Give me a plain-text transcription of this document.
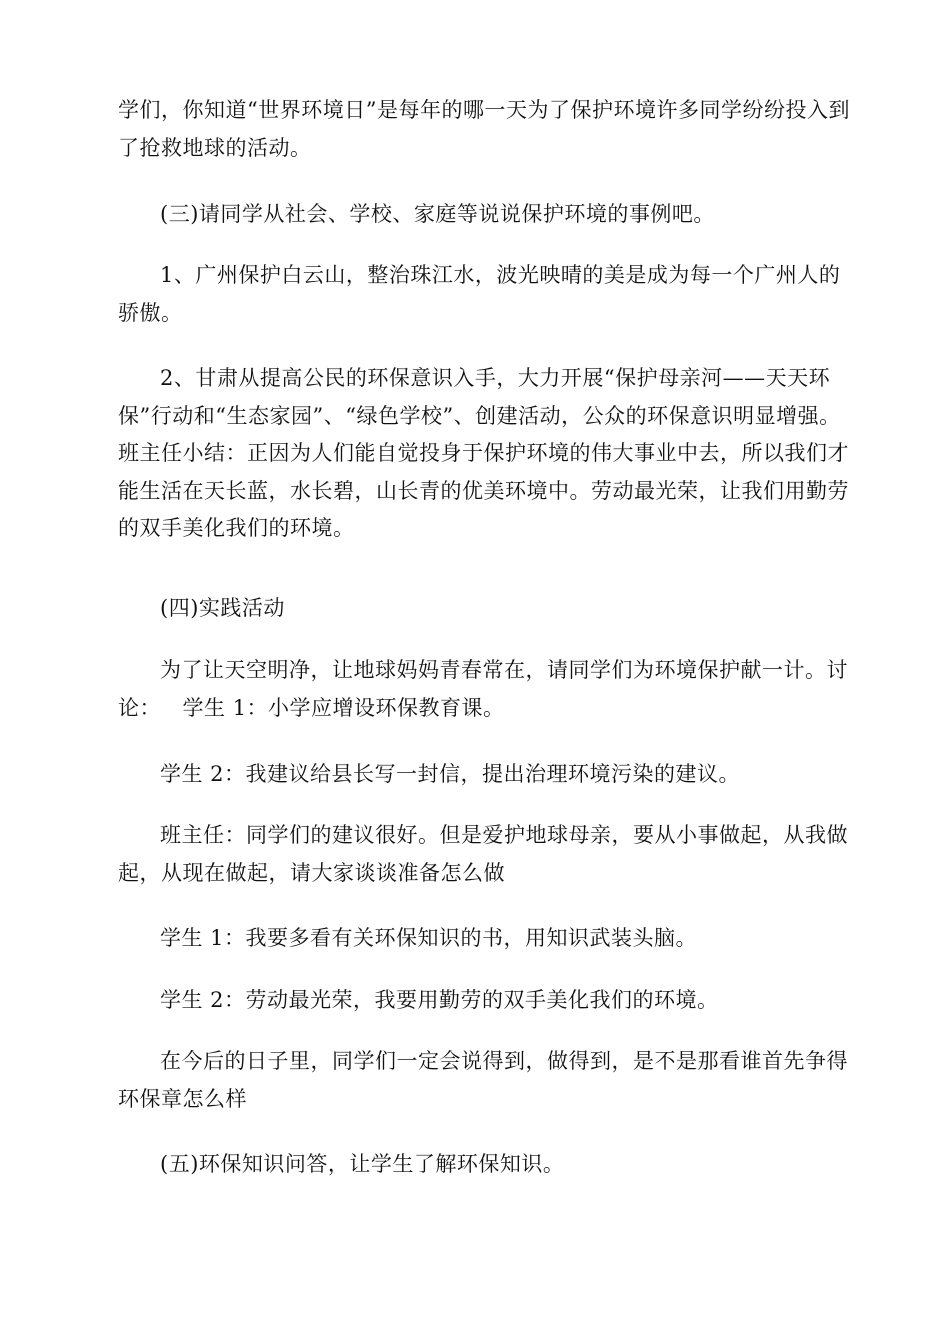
学们，你知道“世界环境日”是每年的哪一天为了保护环境许多同学纷纷投入到了抢救地球的活动。

(三)请同学从社会、学校、家庭等说说保护环境的事例吧。

1、广州保护白云山，整治珠江水，波光映晴的美是成为每一个广州人的骄傲。

2、甘肃从提高公民的环保意识入手，大力开展“保护母亲河——天天环保”行动和“生态家园”、“绿色学校”、创建活动，公众的环保意识明显增强。班主任小结：正因为人们能自觉投身于保护环境的伟大事业中去，所以我们才能生活在天长蓝，水长碧，山长青的优美环境中。劳动最光荣，让我们用勤劳的双手美化我们的环境。

(四)实践活动

为了让天空明净，让地球妈妈青春常在，请同学们为环境保护献一计。讨论：   学生 1：小学应增设环保教育课。

学生 2：我建议给县长写一封信，提出治理环境污染的建议。

班主任：同学们的建议很好。但是爱护地球母亲，要从小事做起，从我做起，从现在做起，请大家谈谈准备怎么做

学生 1：我要多看有关环保知识的书，用知识武装头脑。

学生 2：劳动最光荣，我要用勤劳的双手美化我们的环境。

在今后的日子里，同学们一定会说得到，做得到，是不是那看谁首先争得环保章怎么样

(五)环保知识问答，让学生了解环保知识。
